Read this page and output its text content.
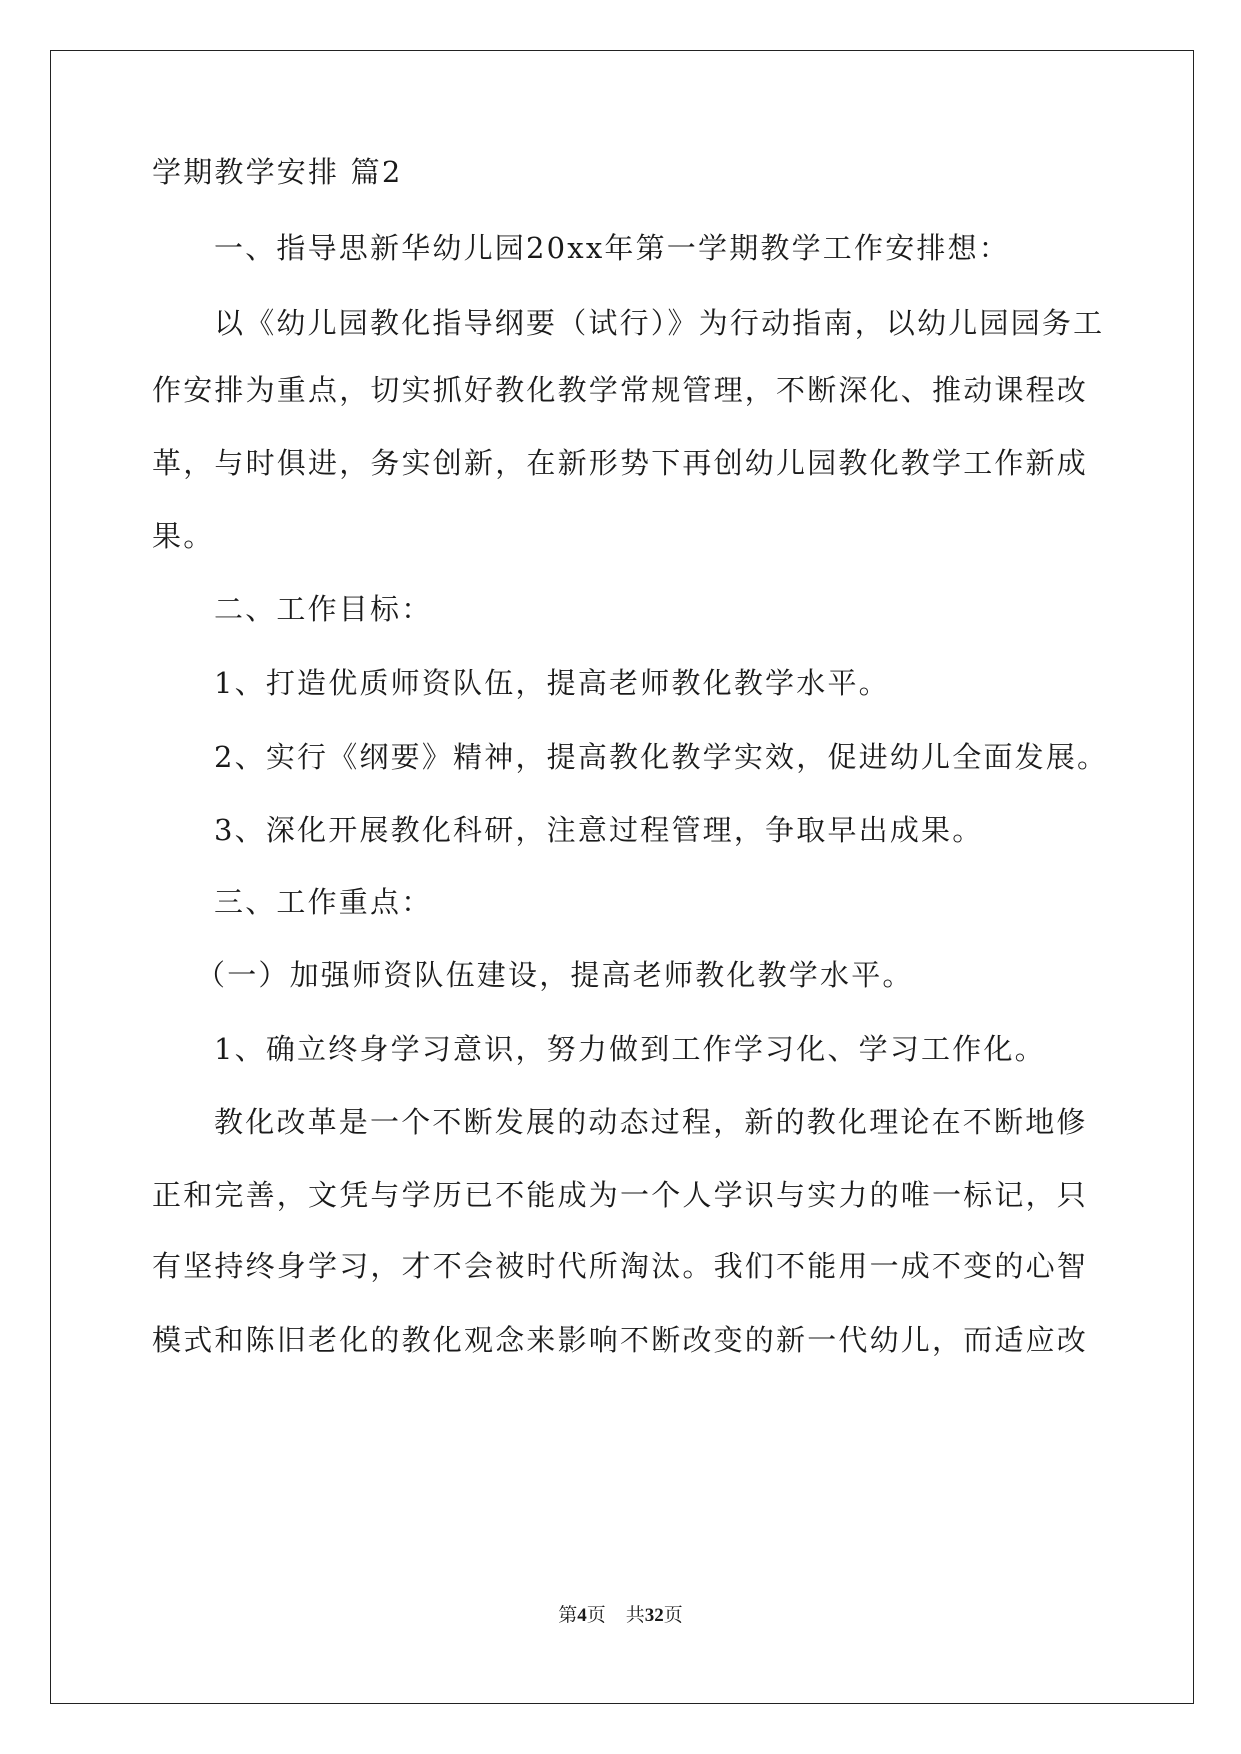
学期教学安排 篇2
一、指导思新华幼儿园20xx年第一学期教学工作安排想：
以《幼儿园教化指导纲要（试行）》为行动指南，以幼儿园园务工
作安排为重点，切实抓好教化教学常规管理，不断深化、推动课程改
革，与时俱进，务实创新，在新形势下再创幼儿园教化教学工作新成
果。
二、工作目标：
1、打造优质师资队伍，提高老师教化教学水平。
2、实行《纲要》精神，提高教化教学实效，促进幼儿全面发展。
3、深化开展教化科研，注意过程管理，争取早出成果。
三、工作重点：
（一）加强师资队伍建设，提高老师教化教学水平。
1、确立终身学习意识，努力做到工作学习化、学习工作化。
教化改革是一个不断发展的动态过程，新的教化理论在不断地修
正和完善，文凭与学历已不能成为一个人学识与实力的唯一标记，只
有坚持终身学习，才不会被时代所淘汰。我们不能用一成不变的心智
模式和陈旧老化的教化观念来影响不断改变的新一代幼儿，而适应改
第4页 共32页
